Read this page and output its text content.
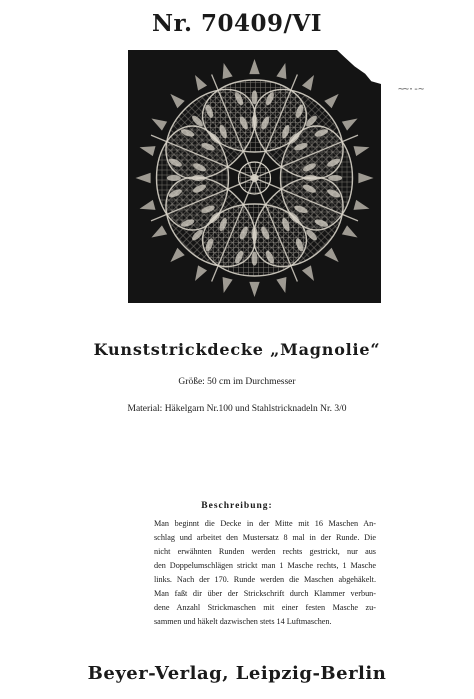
Nr. 70409/VI
~~·-~
Kunststrickdecke „Magnolie“
Größe: 50 cm im Durchmesser
Material: Häkelgarn Nr.100 und Stahlstricknadeln Nr. 3/0
Beschreibung:
Man beginnt die Decke in der Mitte mit 16 Maschen An-
schlag und arbeitet den Mustersatz 8 mal in der Runde. Die
nicht erwähnten Runden werden rechts gestrickt, nur aus
den Doppelumschlägen strickt man 1 Masche rechts, 1 Masche
links. Nach der 170. Runde werden die Maschen abgehäkelt.
Man faßt dir über der Strickschrift durch Klammer verbun-
dene Anzahl Strickmaschen mit einer festen Masche zu-
sammen und häkelt dazwischen stets 14 Luftmaschen.
Beyer-Verlag, Leipzig-Berlin
